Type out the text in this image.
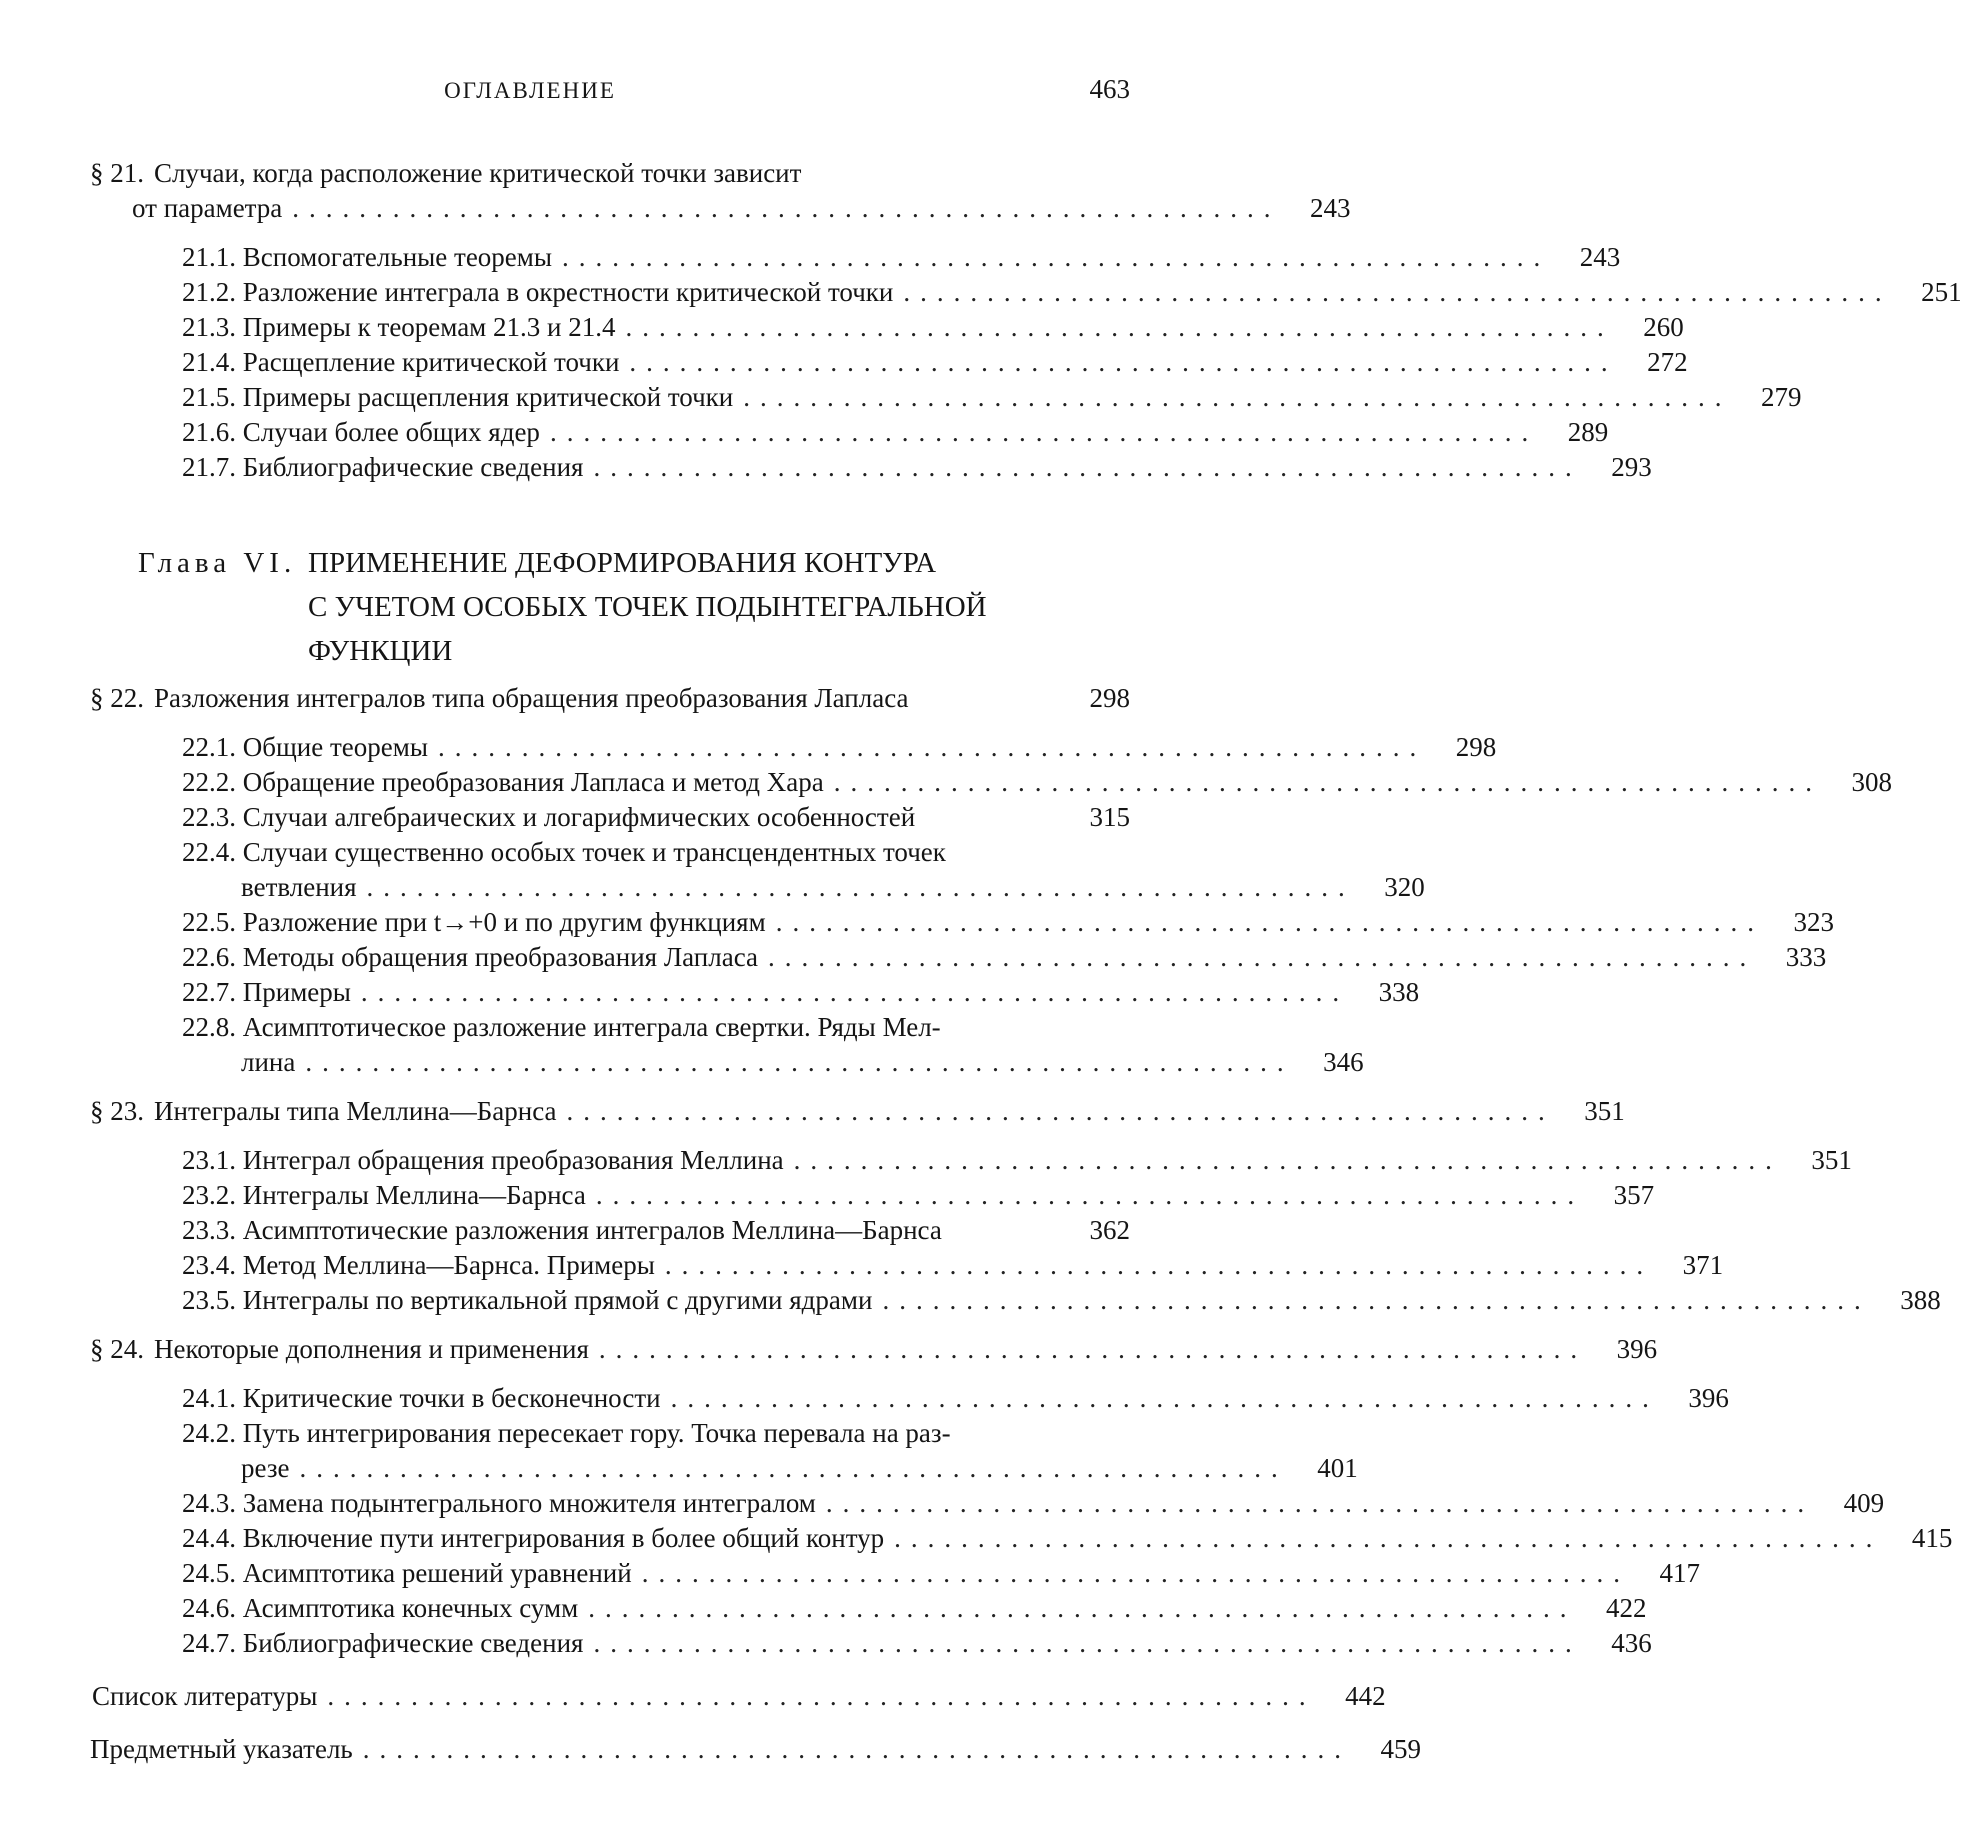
ОГЛАВЛЕНИЕ	463
§ 21. Случаи, когда расположение критической точки зависит
от параметра ...........................................................	243
21.1. Вспомогательные теоремы ...........................................................	243
21.2. Разложение интеграла в окрестности критической точки ...........................................................	251
21.3. Примеры к теоремам 21.3 и 21.4 ...........................................................	260
21.4. Расщепление критической точки ...........................................................	272
21.5. Примеры расщепления критической точки ...........................................................	279
21.6. Случаи более общих ядер ...........................................................	289
21.7. Библиографические сведения ...........................................................	293
Глава VI. ПРИМЕНЕНИЕ ДЕФОРМИРОВАНИЯ КОНТУРА
С УЧЕТОМ ОСОБЫХ ТОЧЕК ПОДЫНТЕГРАЛЬНОЙ
ФУНКЦИИ
§ 22. Разложения интегралов типа обращения преобразования Лапласа	298
22.1. Общие теоремы ...........................................................	298
22.2. Обращение преобразования Лапласа и метод Хара ...........................................................	308
22.3. Случаи алгебраических и логарифмических особенностей	315
22.4. Случаи существенно особых точек и трансцендентных точек
ветвления ...........................................................	320
22.5. Разложение при t→+0 и по другим функциям ...........................................................	323
22.6. Методы обращения преобразования Лапласа ...........................................................	333
22.7. Примеры ...........................................................	338
22.8. Асимптотическое разложение интеграла свертки. Ряды Мел-
лина ...........................................................	346
§ 23. Интегралы типа Меллина—Барнса ...........................................................	351
23.1. Интеграл обращения преобразования Меллина ...........................................................	351
23.2. Интегралы Меллина—Барнса ...........................................................	357
23.3. Асимптотические разложения интегралов Меллина—Барнса	362
23.4. Метод Меллина—Барнса. Примеры ...........................................................	371
23.5. Интегралы по вертикальной прямой с другими ядрами ...........................................................	388
§ 24. Некоторые дополнения и применения ...........................................................	396
24.1. Критические точки в бесконечности ...........................................................	396
24.2. Путь интегрирования пересекает гору. Точка перевала на раз-
резе ...........................................................	401
24.3. Замена подынтегрального множителя интегралом ...........................................................	409
24.4. Включение пути интегрирования в более общий контур ...........................................................	415
24.5. Асимптотика решений уравнений ...........................................................	417
24.6. Асимптотика конечных сумм ...........................................................	422
24.7. Библиографические сведения ...........................................................	436
Список литературы ...........................................................	442
Предметный указатель ...........................................................	459
